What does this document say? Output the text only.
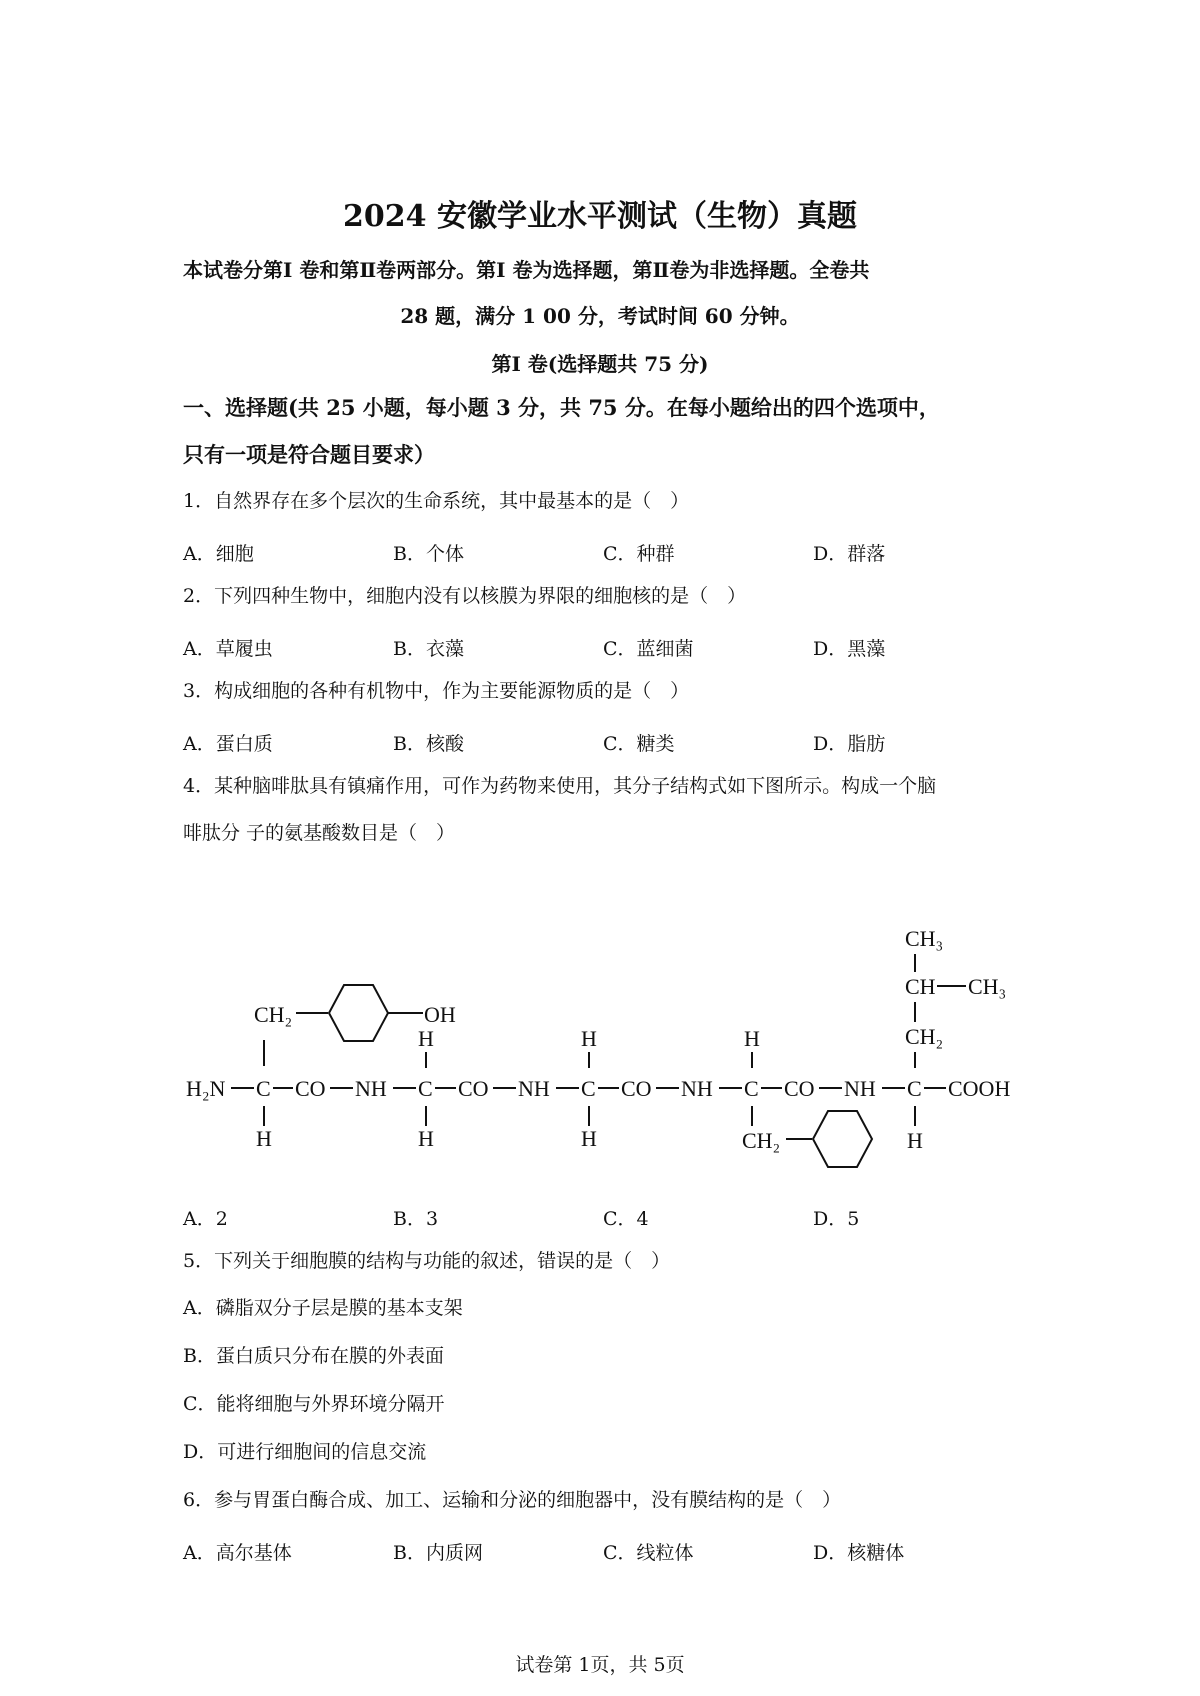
2024 安徽学业水平测试（生物）真题
本试卷分第Ⅰ 卷和第Ⅱ卷两部分。第Ⅰ 卷为选择题，第Ⅱ卷为非选择题。全卷共
28 题，满分 1 00 分，考试时间 60 分钟。
第Ⅰ 卷(选择题共 75 分)
一、选择题(共 25 小题，每小题 3 分，共 75 分。在每小题给出的四个选项中，
只有一项是符合题目要求）
1．自然界存在多个层次的生命系统，其中最基本的是（　）
A．细胞	B．个体	C．种群	D．群落
2．下列四种生物中，细胞内没有以核膜为界限的细胞核的是（　）
A．草履虫	B．衣藻	C．蓝细菌	D．黑藻
3．构成细胞的各种有机物中，作为主要能源物质的是（　）
A．蛋白质	B．核酸	C．糖类	D．脂肪
4．某种脑啡肽具有镇痛作用，可作为药物来使用，其分子结构式如下图所示。构成一个脑
啡肽分 子的氨基酸数目是（　）
H₂N C CO NH C CO NH C CO NH C CO NH C COOH
CH₂
H
OH
H
H
H
H
H
CH₂
CH₃
CH CH₃
CH₂
H
A．2	B．3	C．4	D．5
5．下列关于细胞膜的结构与功能的叙述，错误的是（　）
A．磷脂双分子层是膜的基本支架
B．蛋白质只分布在膜的外表面
C．能将细胞与外界环境分隔开
D．可进行细胞间的信息交流
6．参与胃蛋白酶合成、加工、运输和分泌的细胞器中，没有膜结构的是（　）
A．高尔基体	B．内质网	C．线粒体	D．核糖体
试卷第 1页，共 5页
